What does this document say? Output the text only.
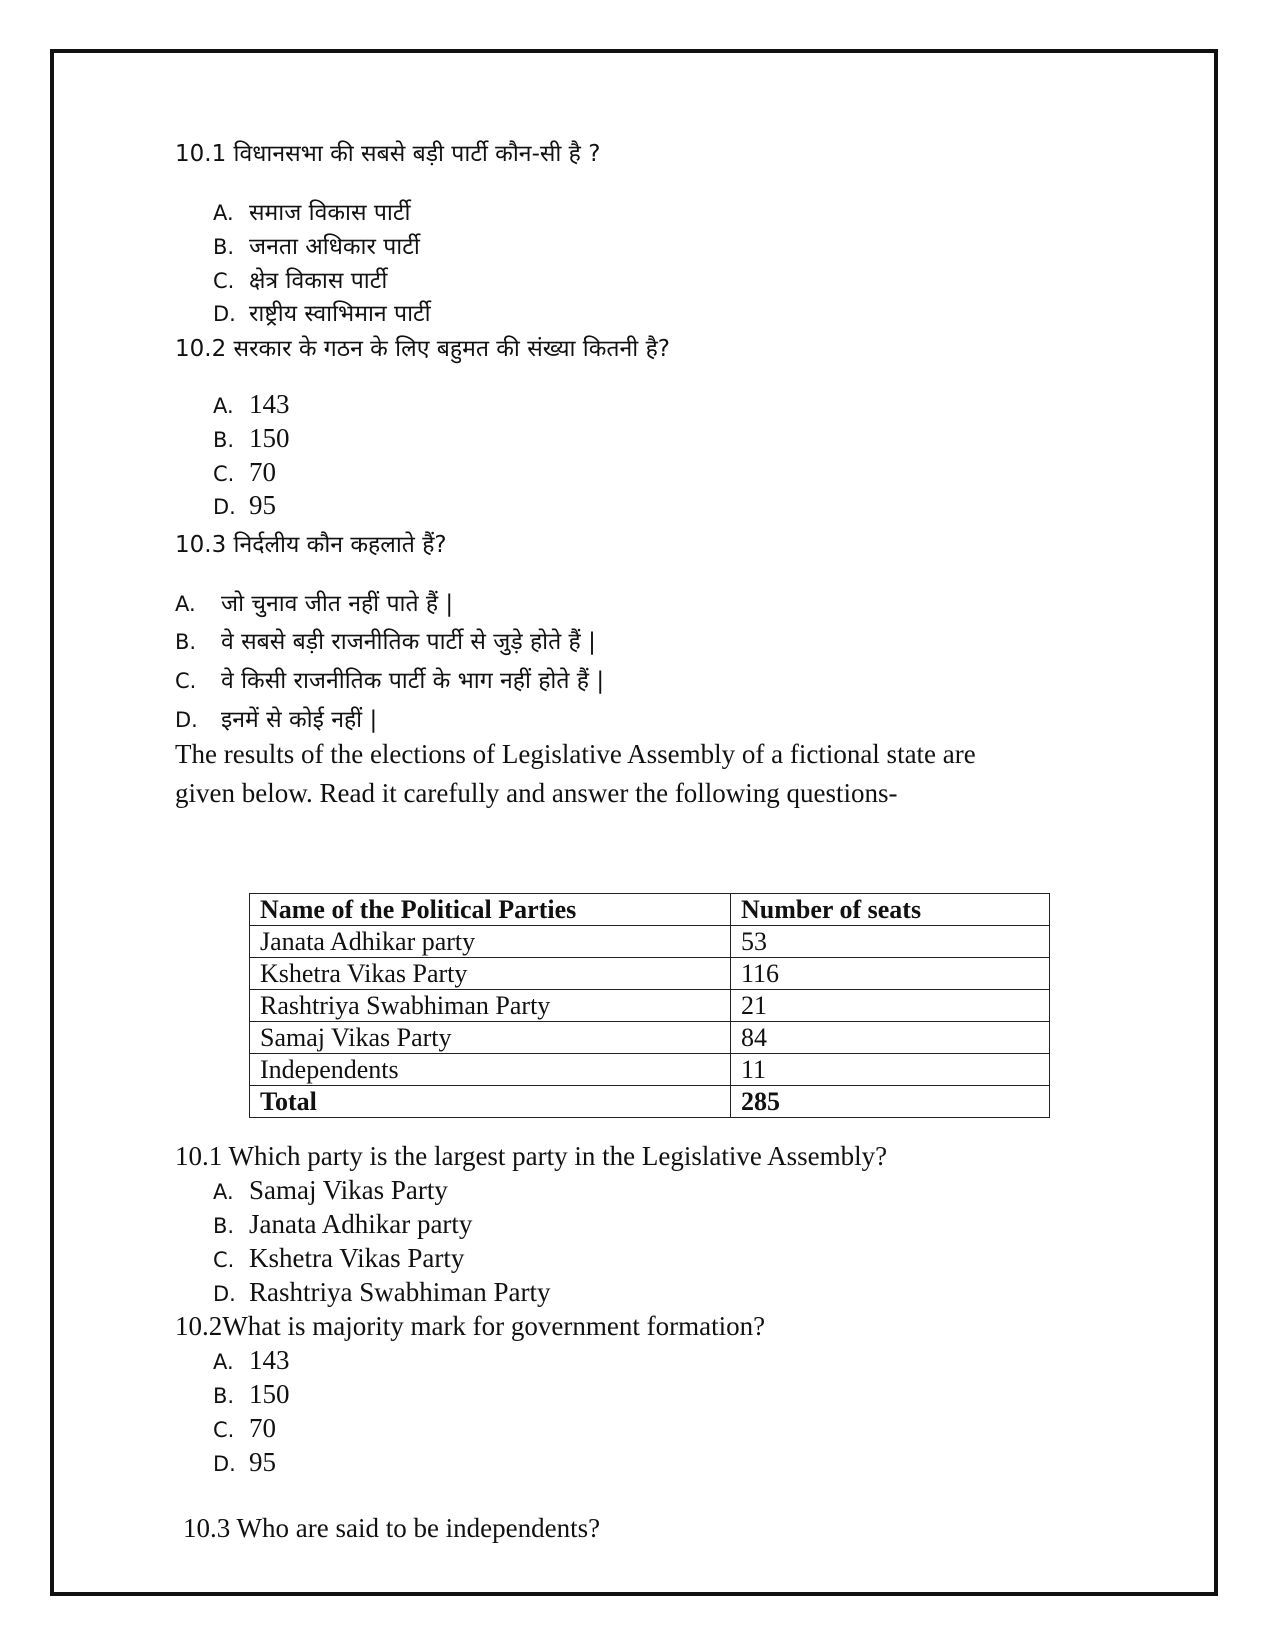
10.1 विधानसभा की सबसे बड़ी पार्टी कौन-सी है ?
A. समाज विकास पार्टी
B. जनता अधिकार पार्टी
C. क्षेत्र विकास पार्टी
D. राष्ट्रीय स्वाभिमान पार्टी
10.2 सरकार के गठन के लिए बहुमत की संख्या कितनी है?
A. 143
B. 150
C. 70
D. 95
10.3 निर्दलीय कौन कहलाते हैं?
A. जो चुनाव जीत नहीं पाते हैं |
B. वे सबसे बड़ी राजनीतिक पार्टी से जुड़े होते हैं |
C. वे किसी राजनीतिक पार्टी के भाग नहीं होते हैं |
D. इनमें से कोई नहीं |
The results of the elections of Legislative Assembly of a fictional state are
given below. Read it carefully and answer the following questions-
Name of the Political Parties	Number of seats
Janata Adhikar party	53
Kshetra Vikas Party	116
Rashtriya Swabhiman Party	21
Samaj Vikas Party	84
Independents	11
Total	285
10.1 Which party is the largest party in the Legislative Assembly?
A. Samaj Vikas Party
B. Janata Adhikar party
C. Kshetra Vikas Party
D. Rashtriya Swabhiman Party
10.2What is majority mark for government formation?
A. 143
B. 150
C. 70
D. 95
10.3 Who are said to be independents?
